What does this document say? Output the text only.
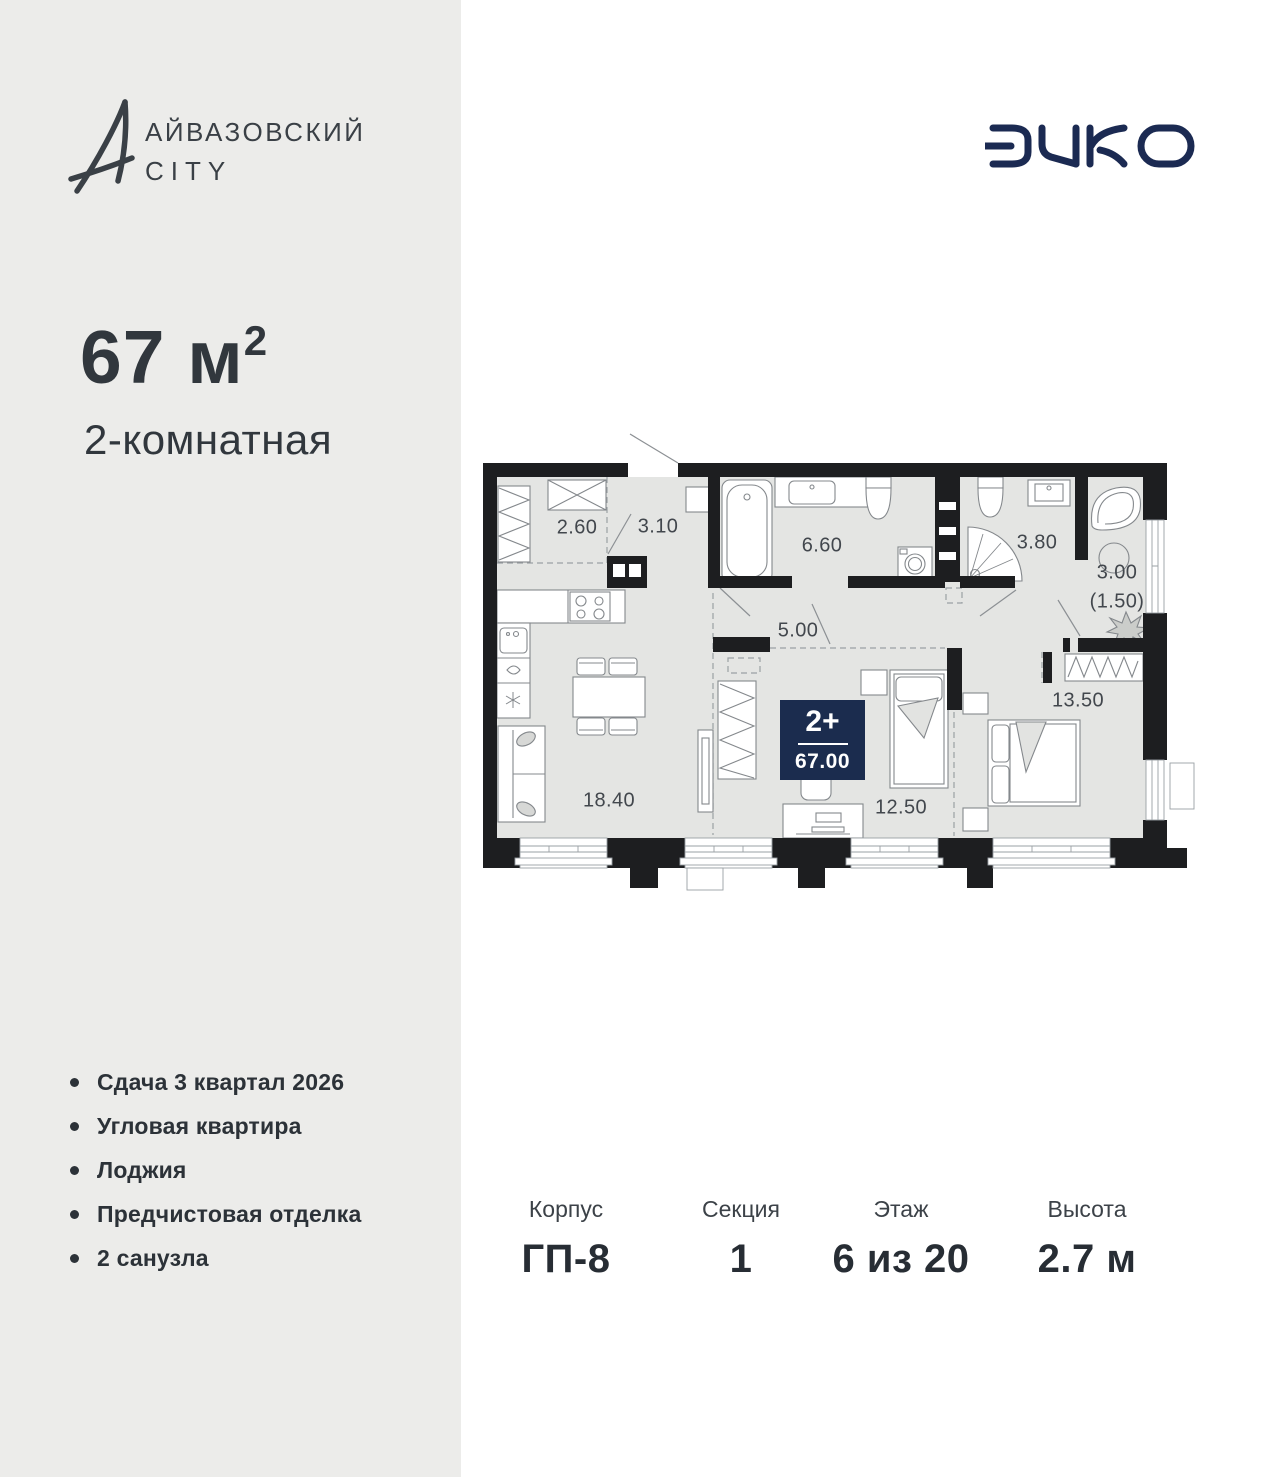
АЙВАЗОВСКИЙ
CITY
67 $м^2$
2-комнатная
Сдача 3 квартал 2026
Угловая квартира
Лоджия
Предчистовая отделка
2 санузла
2.60 3.10
6.60	3.80
3.00
(1.50)
5.00
18.40	12.50
13.50
2+
67.00
Корпус
ГП-8
Секция
1
Этаж
6 из 20
Высота
2.7 м
